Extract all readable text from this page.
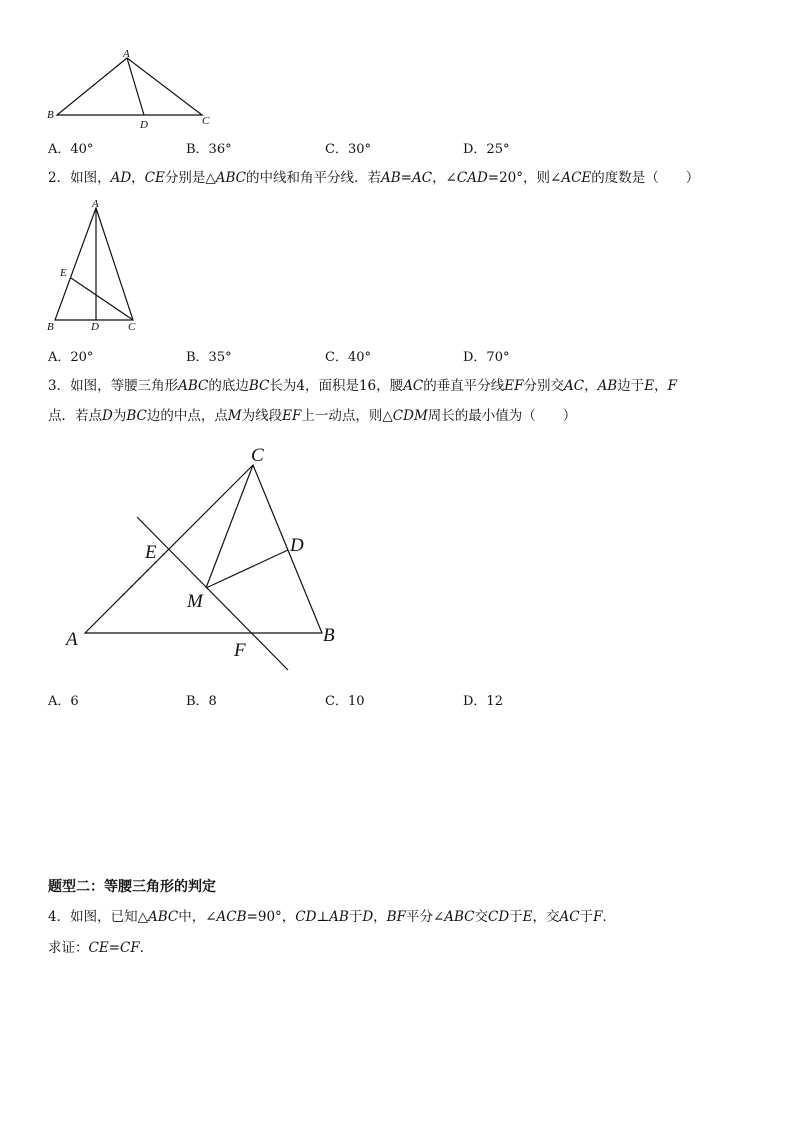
A
B	C
D
A．40°	B．36°	C．30°	D．25°
2．如图，AD，CE分别是△ABC的中线和角平分线．若AB=AC，∠CAD=20°，则∠ACE的度数是（　　）
A
B	C
D
E
A．20°	B．35°	C．40°	D．70°
3．如图，等腰三角形ABC的底边BC长为4，面积是16，腰AC的垂直平分线EF分别交AC，AB边于E，F
点．若点D为BC边的中点，点M为线段EF上一动点，则△CDM周长的最小值为（　　）
C
E	D
M
A	B
F
A．6	B．8	C．10	D．12
题型二：等腰三角形的判定
4．如图，已知△ABC中，∠ACB=90°，CD⊥AB于D，BF平分∠ABC交CD于E，交AC于F．
求证：CE=CF．
